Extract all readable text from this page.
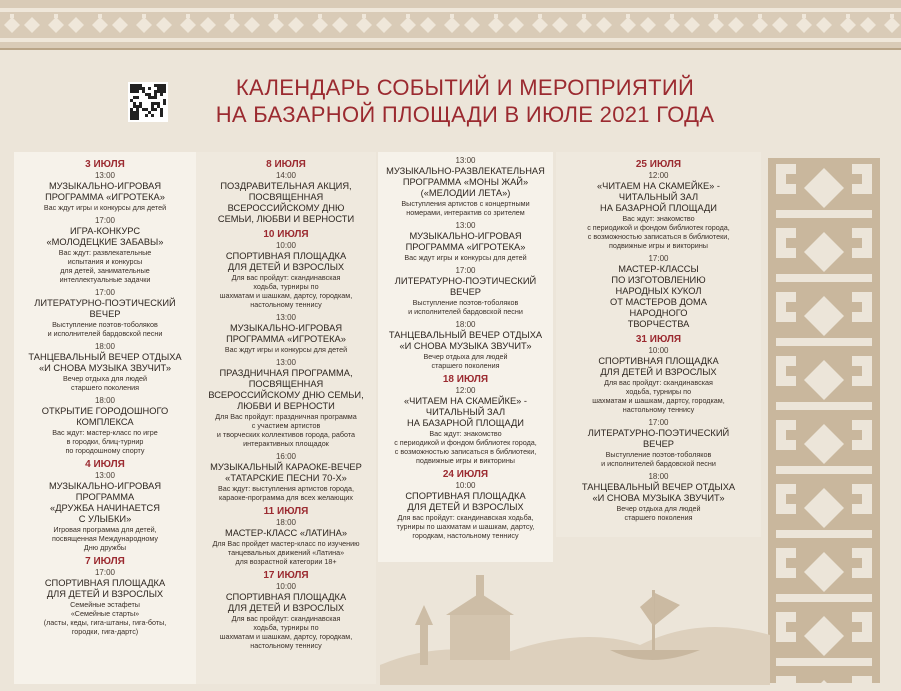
КАЛЕНДАРЬ СОБЫТИЙ И МЕРОПРИЯТИЙ
НА БАЗАРНОЙ ПЛОЩАДИ В ИЮЛЕ 2021 ГОДА
3 ИЮЛЯ
13:00
МУЗЫКАЛЬНО-ИГРОВАЯ
ПРОГРАММА «ИГРОТЕКА»
Вас ждут игры и конкурсы для детей
17:00
ИГРА-КОНКУРС
«МОЛОДЕЦКИЕ ЗАБАВЫ»
Вас ждут: развлекательные
испытания и конкурсы
для детей, занимательные
интеллектуальные задачки
17:00
ЛИТЕРАТУРНО-ПОЭТИЧЕСКИЙ
ВЕЧЕР
Выступление поэтов-тоболяков
и исполнителей бардовской песни
18:00
ТАНЦЕВАЛЬНЫЙ ВЕЧЕР ОТДЫХА
«И СНОВА МУЗЫКА ЗВУЧИТ»
Вечер отдыха для людей
старшего поколения
18:00
ОТКРЫТИЕ ГОРОДОШНОГО
КОМПЛЕКСА
Вас ждут: мастер-класс по игре
в городки, блиц-турнир
по городошному спорту
4 ИЮЛЯ
13:00
МУЗЫКАЛЬНО-ИГРОВАЯ
ПРОГРАММА
«ДРУЖБА НАЧИНАЕТСЯ
С УЛЫБКИ»
Игровая программа для детей,
посвященная Международному
Дню дружбы
7 ИЮЛЯ
17:00
СПОРТИВНАЯ ПЛОЩАДКА
ДЛЯ ДЕТЕЙ И ВЗРОСЛЫХ
Семейные эстафеты
«Семейные старты»
(ласты, кеды, гига-штаны, гига-боты,
городки, гига-дартс)
8 ИЮЛЯ
14:00
ПОЗДРАВИТЕЛЬНАЯ АКЦИЯ,
ПОСВЯЩЕННАЯ
ВСЕРОССИЙСКОМУ ДНЮ
СЕМЬИ, ЛЮБВИ И ВЕРНОСТИ
10 ИЮЛЯ
10:00
СПОРТИВНАЯ ПЛОЩАДКА
ДЛЯ ДЕТЕЙ И ВЗРОСЛЫХ
Для вас пройдут: скандинавская
ходьба, турниры по
шахматам и шашкам, дартсу, городкам,
настольному теннису
13:00
МУЗЫКАЛЬНО-ИГРОВАЯ
ПРОГРАММА «ИГРОТЕКА»
Вас ждут игры и конкурсы для детей
13:00
ПРАЗДНИЧНАЯ ПРОГРАММА,
ПОСВЯЩЕННАЯ
ВСЕРОССИЙСКОМУ ДНЮ СЕМЬИ,
ЛЮБВИ И ВЕРНОСТИ
Для Вас пройдут: праздничная программа
с участием артистов
и творческих коллективов города, работа
интерактивных площадок
16:00
МУЗЫКАЛЬНЫЙ КАРАОКЕ-ВЕЧЕР
«ТАТАРСКИЕ ПЕСНИ 70-Х»
Вас ждут: выступления артистов города,
караоке-программа для всех желающих
11 ИЮЛЯ
18:00
МАСТЕР-КЛАСС «ЛАТИНА»
Для Вас пройдет мастер-класс по изучению
танцевальных движений «Латина»
для возрастной категории 18+
17 ИЮЛЯ
10:00
СПОРТИВНАЯ ПЛОЩАДКА
ДЛЯ ДЕТЕЙ И ВЗРОСЛЫХ
Для вас пройдут: скандинавская
ходьба, турниры по
шахматам и шашкам, дартсу, городкам,
настольному теннису
13:00
МУЗЫКАЛЬНО-РАЗВЛЕКАТЕЛЬНАЯ
ПРОГРАММА «МОНЫ ЖАЙ»
(«МЕЛОДИИ ЛЕТА»)
Выступления артистов с концертными
номерами, интерактив со зрителем
13:00
МУЗЫКАЛЬНО-ИГРОВАЯ
ПРОГРАММА «ИГРОТЕКА»
Вас ждут игры и конкурсы для детей
17:00
ЛИТЕРАТУРНО-ПОЭТИЧЕСКИЙ
ВЕЧЕР
Выступление поэтов-тоболяков
и исполнителей бардовской песни
18:00
ТАНЦЕВАЛЬНЫЙ ВЕЧЕР ОТДЫХА
«И СНОВА МУЗЫКА ЗВУЧИТ»
Вечер отдыха для людей
старшего поколения
18 ИЮЛЯ
12:00
«ЧИТАЕМ НА СКАМЕЙКЕ» -
ЧИТАЛЬНЫЙ ЗАЛ
НА БАЗАРНОЙ ПЛОЩАДИ
Вас ждут: знакомство
с периодикой и фондом библиотек города,
с возможностью записаться в библиотеки,
подвижные игры и викторины
24 ИЮЛЯ
10:00
СПОРТИВНАЯ ПЛОЩАДКА
ДЛЯ ДЕТЕЙ И ВЗРОСЛЫХ
Для вас пройдут: скандинавская ходьба,
турниры по шахматам и шашкам, дартсу,
городкам, настольному теннису
25 ИЮЛЯ
12:00
«ЧИТАЕМ НА СКАМЕЙКЕ» -
ЧИТАЛЬНЫЙ ЗАЛ
НА БАЗАРНОЙ ПЛОЩАДИ
Вас ждут: знакомство
с периодикой и фондом библиотек города,
с возможностью записаться в библиотеки,
подвижные игры и викторины
17:00
МАСТЕР-КЛАССЫ
ПО ИЗГОТОВЛЕНИЮ
НАРОДНЫХ КУКОЛ
ОТ МАСТЕРОВ ДОМА
НАРОДНОГО
ТВОРЧЕСТВА
31 ИЮЛЯ
10:00
СПОРТИВНАЯ ПЛОЩАДКА
ДЛЯ ДЕТЕЙ И ВЗРОСЛЫХ
Для вас пройдут: скандинавская
ходьба, турниры по
шахматам и шашкам, дартсу, городкам,
настольному теннису
17:00
ЛИТЕРАТУРНО-ПОЭТИЧЕСКИЙ
ВЕЧЕР
Выступление поэтов-тоболяков
и исполнителей бардовской песни
18:00
ТАНЦЕВАЛЬНЫЙ ВЕЧЕР ОТДЫХА
«И СНОВА МУЗЫКА ЗВУЧИТ»
Вечер отдыха для людей
старшего поколения
